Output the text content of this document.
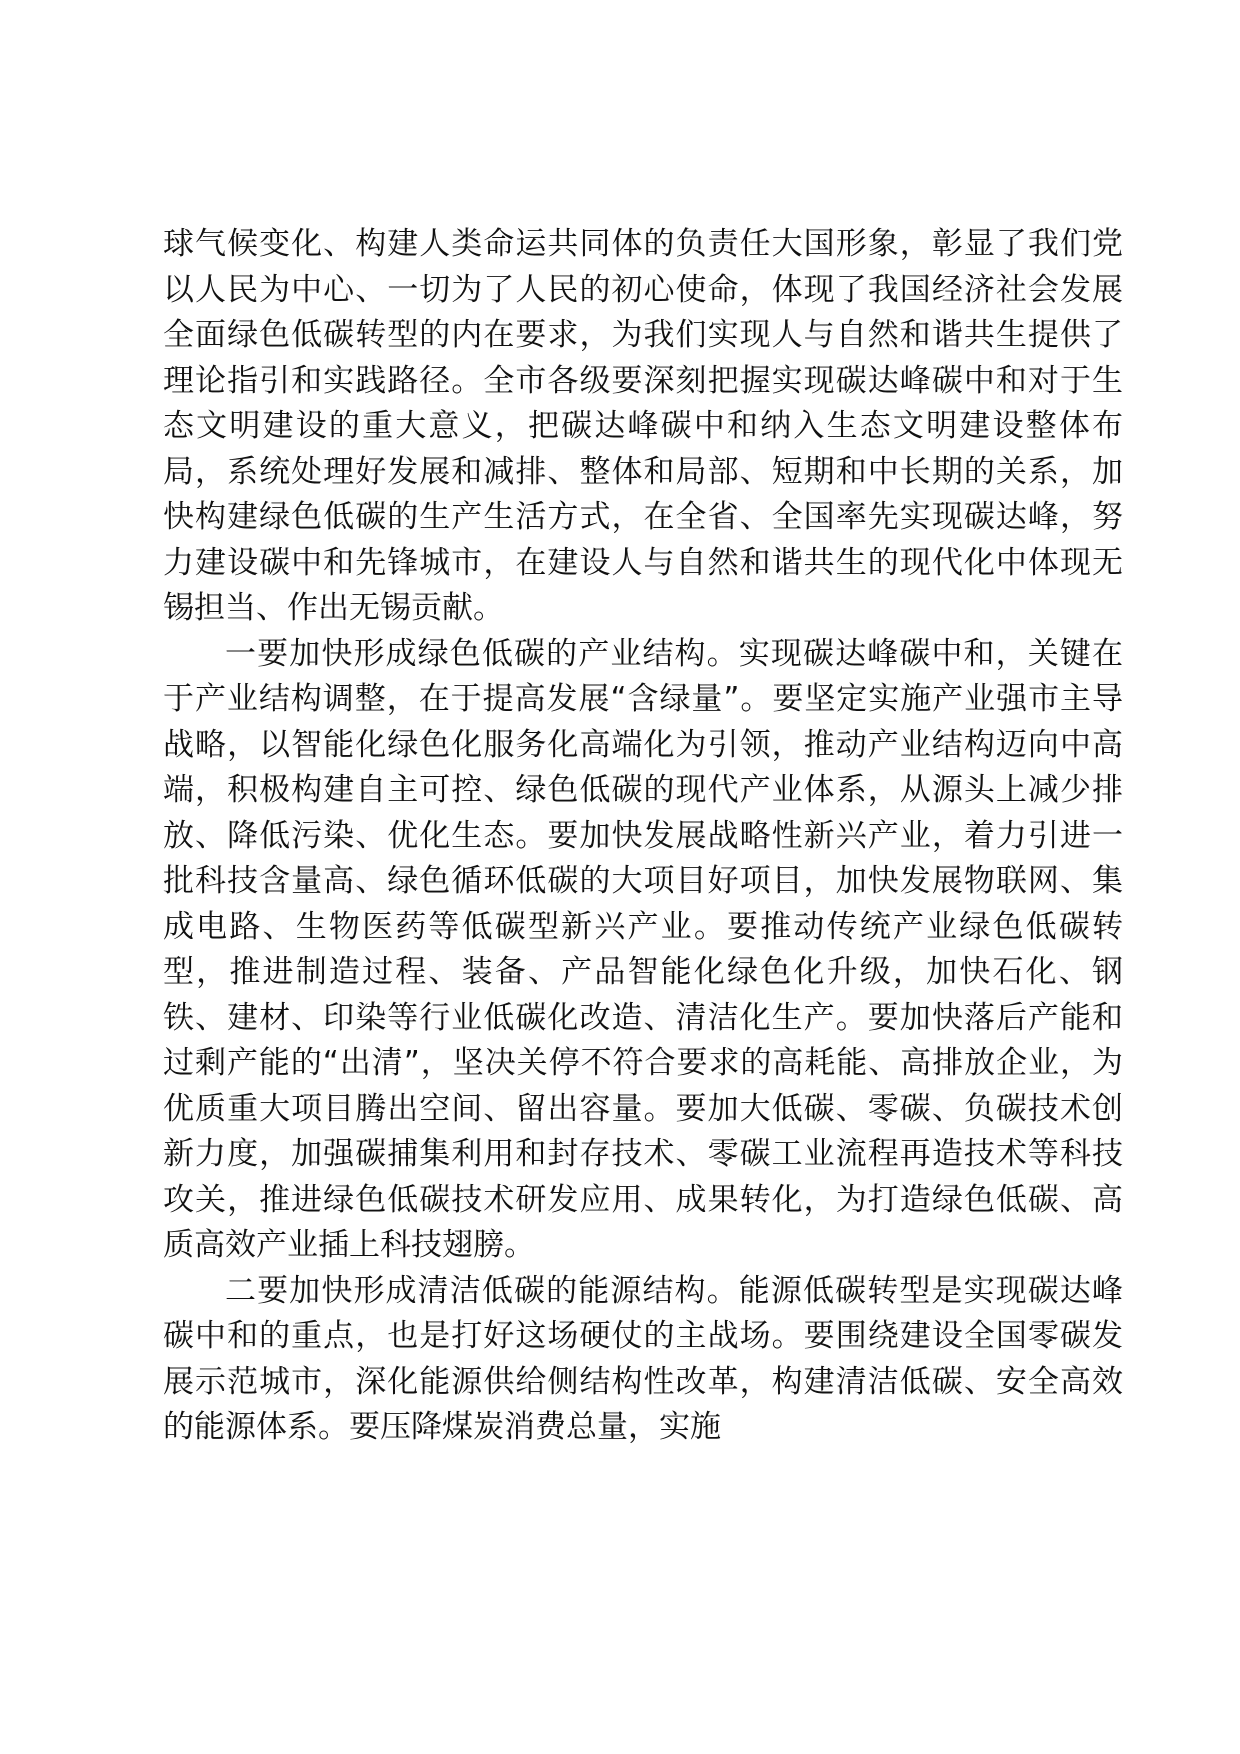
球气候变化、构建人类命运共同体的负责任大国形象，彰显了我们党以人民为中心、一切为了人民的初心使命，体现了我国经济社会发展全面绿色低碳转型的内在要求，为我们实现人与自然和谐共生提供了理论指引和实践路径。全市各级要深刻把握实现碳达峰碳中和对于生态文明建设的重大意义，把碳达峰碳中和纳入生态文明建设整体布局，系统处理好发展和减排、整体和局部、短期和中长期的关系，加快构建绿色低碳的生产生活方式，在全省、全国率先实现碳达峰，努力建设碳中和先锋城市，在建设人与自然和谐共生的现代化中体现无锡担当、作出无锡贡献。

一要加快形成绿色低碳的产业结构。实现碳达峰碳中和，关键在于产业结构调整，在于提高发展“含绿量”。要坚定实施产业强市主导战略，以智能化绿色化服务化高端化为引领，推动产业结构迈向中高端，积极构建自主可控、绿色低碳的现代产业体系，从源头上减少排放、降低污染、优化生态。要加快发展战略性新兴产业，着力引进一批科技含量高、绿色循环低碳的大项目好项目，加快发展物联网、集成电路、生物医药等低碳型新兴产业。要推动传统产业绿色低碳转型，推进制造过程、装备、产品智能化绿色化升级，加快石化、钢铁、建材、印染等行业低碳化改造、清洁化生产。要加快落后产能和过剩产能的“出清”，坚决关停不符合要求的高耗能、高排放企业，为优质重大项目腾出空间、留出容量。要加大低碳、零碳、负碳技术创新力度，加强碳捕集利用和封存技术、零碳工业流程再造技术等科技攻关，推进绿色低碳技术研发应用、成果转化，为打造绿色低碳、高质高效产业插上科技翅膀。

二要加快形成清洁低碳的能源结构。能源低碳转型是实现碳达峰碳中和的重点，也是打好这场硬仗的主战场。要围绕建设全国零碳发展示范城市，深化能源供给侧结构性改革，构建清洁低碳、安全高效的能源体系。要压降煤炭消费总量，实施
